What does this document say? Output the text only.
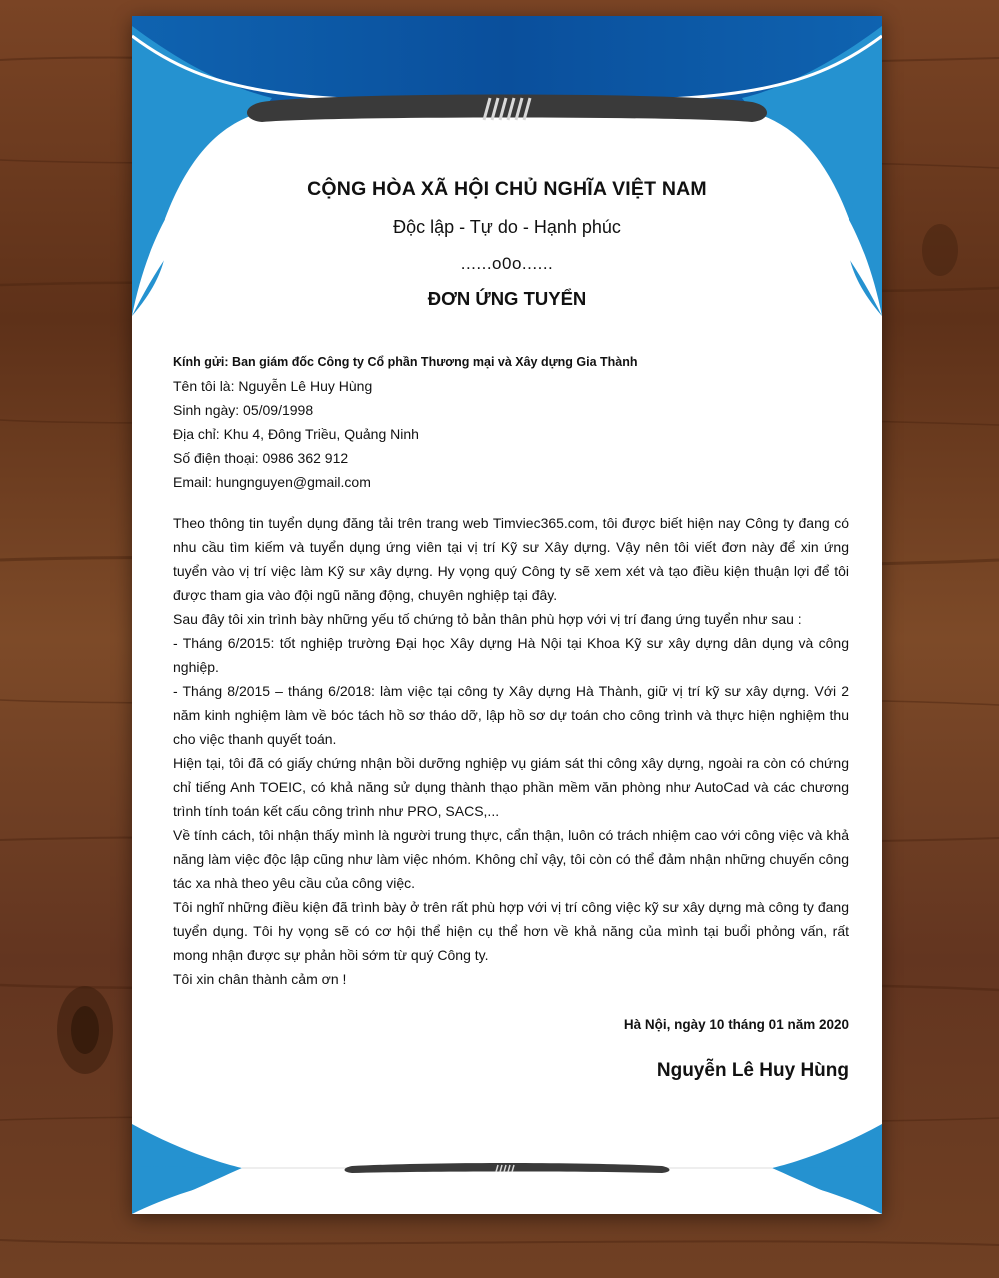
CỘNG HÒA XÃ HỘI CHỦ NGHĨA VIỆT NAM
Độc lập - Tự do - Hạnh phúc
......o0o......
ĐƠN ỨNG TUYỂN
Kính gửi: Ban giám đốc Công ty Cổ phần Thương mại và Xây dựng Gia Thành
Tên tôi là: Nguyễn Lê Huy Hùng
Sinh ngày: 05/09/1998
Địa chỉ: Khu 4, Đông Triều, Quảng Ninh
Số điện thoại: 0986 362 912
Email: hungnguyen@gmail.com

Theo thông tin tuyển dụng đăng tải trên trang web Timviec365.com, tôi được biết hiện nay Công ty đang có nhu cầu tìm kiếm và tuyển dụng ứng viên tại vị trí Kỹ sư Xây dựng. Vậy nên tôi viết đơn này để xin ứng tuyển vào vị trí việc làm Kỹ sư xây dựng. Hy vọng quý Công ty sẽ xem xét và tạo điều kiện thuận lợi để tôi được tham gia vào đội ngũ năng động, chuyên nghiệp tại đây.

Sau đây tôi xin trình bày những yếu tố chứng tỏ bản thân phù hợp với vị trí đang ứng tuyển như sau :

- Tháng 6/2015: tốt nghiệp trường Đại học Xây dựng Hà Nội tại Khoa Kỹ sư xây dựng dân dụng và công nghiệp.

- Tháng 8/2015 – tháng 6/2018: làm việc tại công ty Xây dựng Hà Thành, giữ vị trí kỹ sư xây dựng. Với 2 năm kinh nghiệm làm về bóc tách hồ sơ tháo dỡ, lập hồ sơ dự toán cho công trình và thực hiện nghiệm thu cho việc thanh quyết toán.

Hiện tại, tôi đã có giấy chứng nhận bồi dưỡng nghiệp vụ giám sát thi công xây dựng, ngoài ra còn có chứng chỉ tiếng Anh TOEIC, có khả năng sử dụng thành thạo phần mềm văn phòng như AutoCad và các chương trình tính toán kết cấu công trình như PRO, SACS,...

Về tính cách, tôi nhận thấy mình là người trung thực, cẩn thận, luôn có trách nhiệm cao với công việc và khả năng làm việc độc lập cũng như làm việc nhóm. Không chỉ vậy, tôi còn có thể đảm nhận những chuyến công tác xa nhà theo yêu cầu của công việc.

Tôi nghĩ những điều kiện đã trình bày ở trên rất phù hợp với vị trí công việc kỹ sư xây dựng mà công ty đang tuyển dụng. Tôi hy vọng sẽ có cơ hội thể hiện cụ thể hơn về khả năng của mình tại buổi phỏng vấn, rất mong nhận được sự phản hồi sớm từ quý Công ty.

Tôi xin chân thành cảm ơn !

Hà Nội, ngày 10 tháng 01 năm 2020
Nguyễn Lê Huy Hùng
